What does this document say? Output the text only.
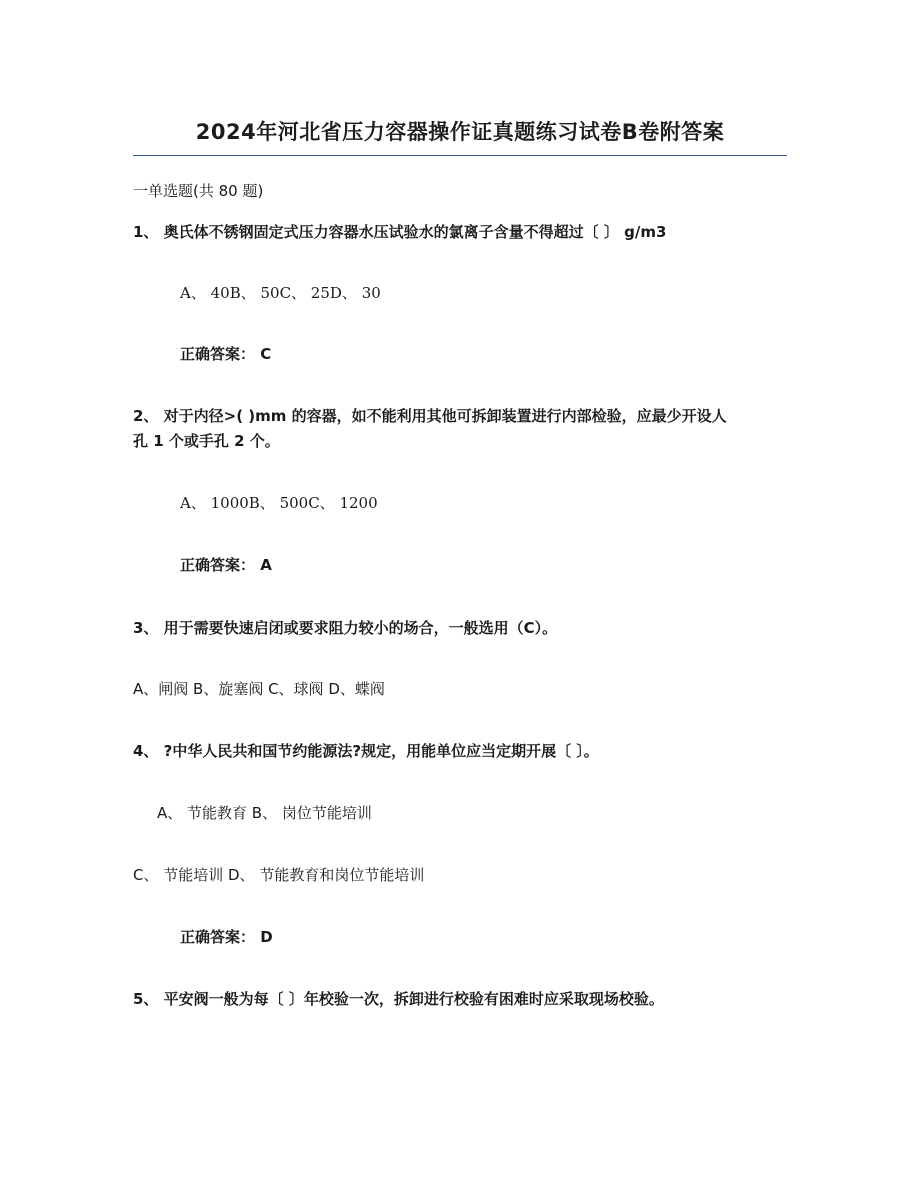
2024年河北省压力容器操作证真题练习试卷B卷附答案
一单选题(共 80 题)
1、 奥氏体不锈钢固定式压力容器水压试验水的氯离子含量不得超过〔 〕 g/m3
A、 40B、 50C、 25D、 30
正确答案： C
2、 对于内径>( )mm 的容器，如不能利用其他可拆卸装置进行内部检验，应最少开设人
孔 1 个或手孔 2 个。
A、 1000B、 500C、 1200
正确答案： A
3、 用于需要快速启闭或要求阻力较小的场合，一般选用（C）。
A、闸阀 B、旋塞阀 C、球阀 D、蝶阀
4、 ?中华人民共和国节约能源法?规定，用能单位应当定期开展〔 〕。
A、 节能教育 B、 岗位节能培训
C、 节能培训 D、 节能教育和岗位节能培训
正确答案： D
5、 平安阀一般为每〔 〕年校验一次，拆卸进行校验有困难时应采取现场校验。
